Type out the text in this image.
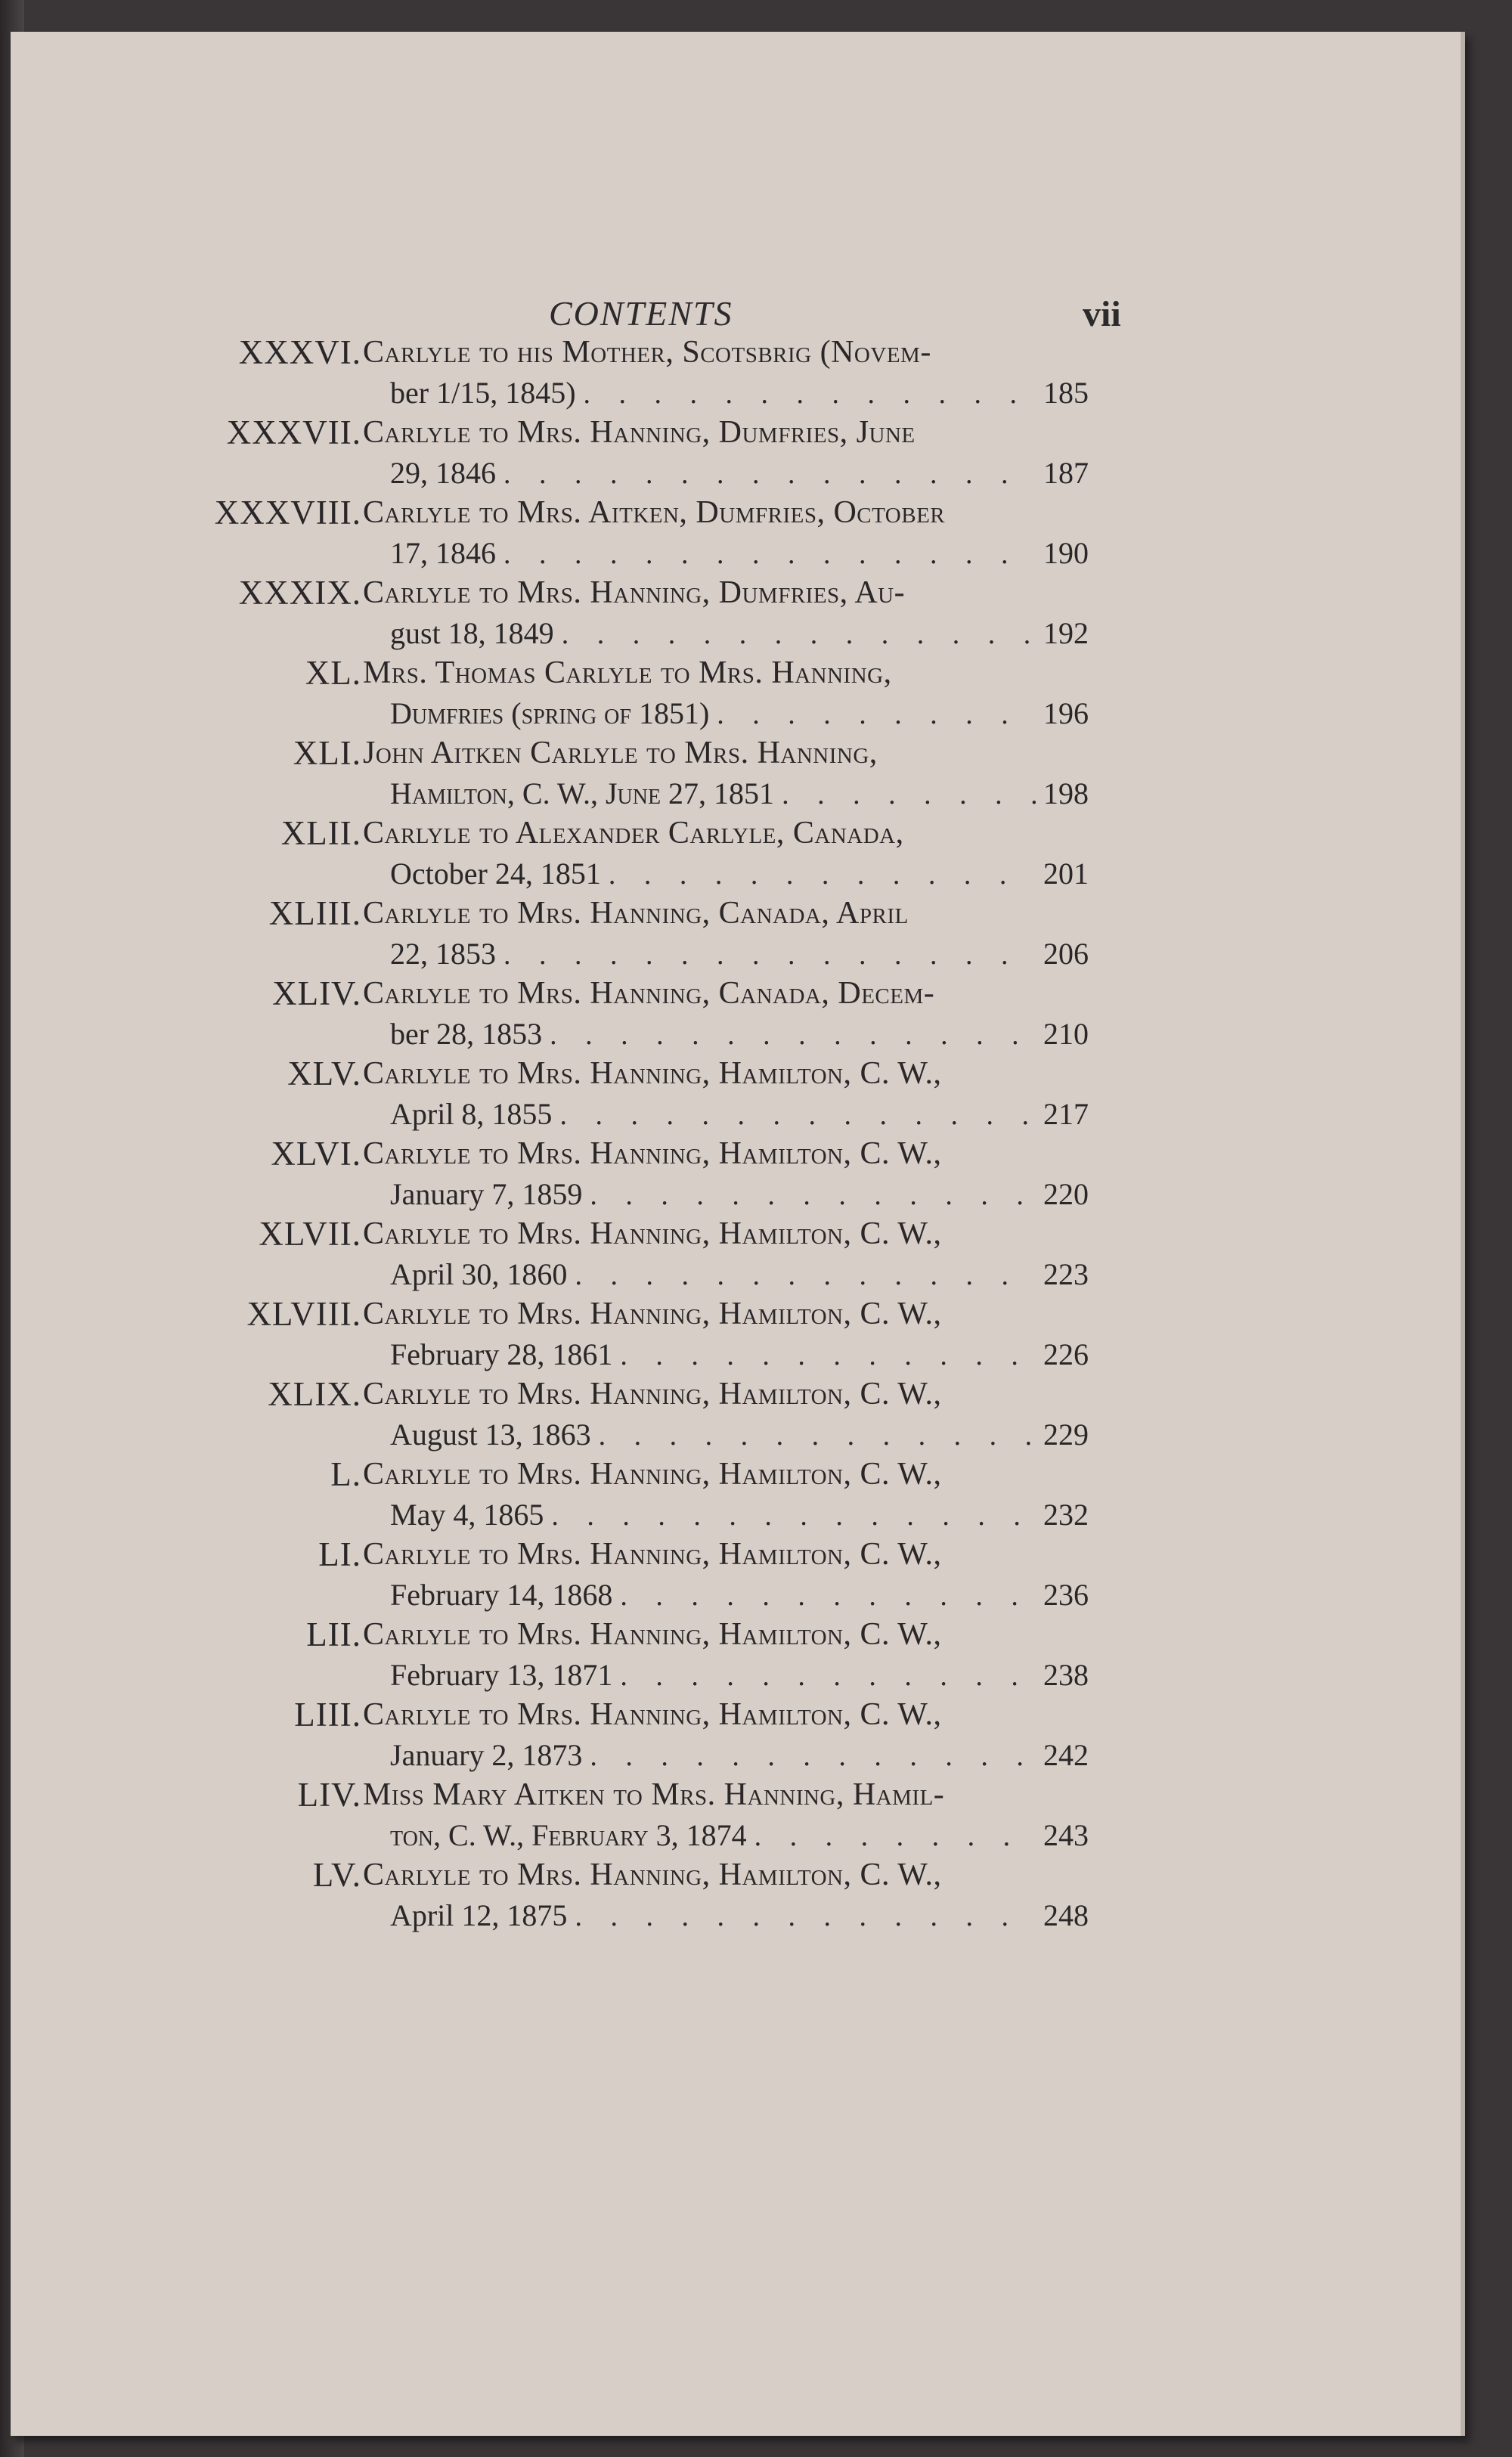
CONTENTS	vii
XXXVI. Carlyle to his Mother, Scotsbrig (Novem-
ber 1/15, 1845) . . .	185
XXXVII. Carlyle to Mrs. Hanning, Dumfries, June
29, 1846 . . .	187
XXXVIII. Carlyle to Mrs. Aitken, Dumfries, October
17, 1846 . . .	190
XXXIX. Carlyle to Mrs. Hanning, Dumfries, Au-
gust 18, 1849 . . .	192
XL. Mrs. Thomas Carlyle to Mrs. Hanning,
Dumfries (spring of 1851) . . .	196
XLI. John Aitken Carlyle to Mrs. Hanning,
Hamilton, C. W., June 27, 1851 . . .	198
XLII. Carlyle to Alexander Carlyle, Canada,
October 24, 1851 . . .	201
XLIII. Carlyle to Mrs. Hanning, Canada, April
22, 1853 . . .	206
XLIV. Carlyle to Mrs. Hanning, Canada, Decem-
ber 28, 1853 . . .	210
XLV. Carlyle to Mrs. Hanning, Hamilton, C. W.,
April 8, 1855 . . .	217
XLVI. Carlyle to Mrs. Hanning, Hamilton, C. W.,
January 7, 1859 . . .	220
XLVII. Carlyle to Mrs. Hanning, Hamilton, C. W.,
April 30, 1860 . . .	223
XLVIII. Carlyle to Mrs. Hanning, Hamilton, C. W.,
February 28, 1861 . . .	226
XLIX. Carlyle to Mrs. Hanning, Hamilton, C. W.,
August 13, 1863 . . .	229
L. Carlyle to Mrs. Hanning, Hamilton, C. W.,
May 4, 1865 . . .	232
LI. Carlyle to Mrs. Hanning, Hamilton, C. W.,
February 14, 1868 . . .	236
LII. Carlyle to Mrs. Hanning, Hamilton, C. W.,
February 13, 1871 . . .	238
LIII. Carlyle to Mrs. Hanning, Hamilton, C. W.,
January 2, 1873 . . .	242
LIV. Miss Mary Aitken to Mrs. Hanning, Hamil-
ton, C. W., February 3, 1874 . . .	243
LV. Carlyle to Mrs. Hanning, Hamilton, C. W.,
April 12, 1875 . . .	248
